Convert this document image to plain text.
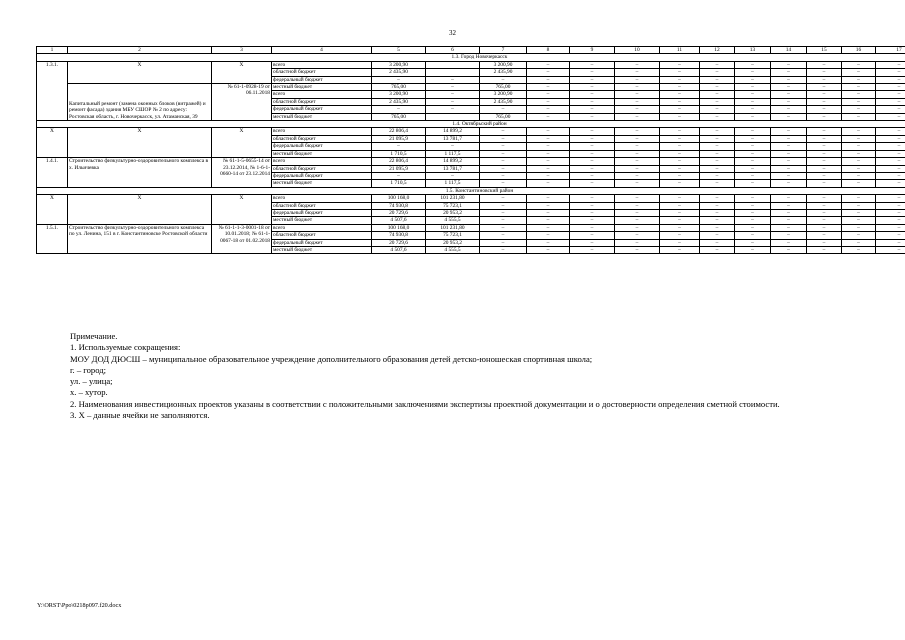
32
1	2	3	4	5	6	7	8	9	10	11	12	13	14	15	16	17
1.3. Город Новочеркасск																
1.3.1.	Х	Х	всего	3 200,90		3 200,90	–	–	–	–	–	–	–	–	–	–
			областной бюджет	2 435,90		2 435,90	–	–	–	–	–	–	–	–	–	–
			федеральный бюджет	–	–	–	–	–	–	–	–	–	–	–	–	–
	Капитальный ремонт (замена оконных блоков (витражей) и ремонт фасада) здания МБУ СШОР № 2 по адресу: Ростовская область, г. Новочеркасск, ул. Атаманская, 39	№ 61-1-0928-19 от 06.11.2018	местный бюджет	765,00	–	765,00	–	–	–	–	–	–	–	–	–	–
			всего	3 200,90	–	3 200,90	–	–	–	–	–	–	–	–	–	–
			областной бюджет	2 435,90	–	2 435,90	–	–	–	–	–	–	–	–	–	–
			федеральный бюджет	–	–	–	–	–	–	–	–	–	–	–	–	–
			местный бюджет	765,00		765,00	–	–	–	–	–	–	–	–	–	–
1.4. Октябрьский район																
Х	Х	Х	всего	22 806,4	14 899,2	–	–	–	–	–	–	–	–	–	–	–
			областной бюджет	21 095,9	13 781,7	–	–	–	–	–	–	–	–	–	–	–
			федеральный бюджет	–	–	–	–	–	–	–	–	–	–	–	–	–
			местный бюджет	1 710,5	1 117,5	–	–	–	–	–	–	–	–	–	–	–
1.4.1.	Строительство физкультурно-оздоровительного комплекса в х. Ильичевка	№ 61-1-5-0655-14 от 23.12.2014, № 1-6-1-0660-14 от 23.12.2014	всего	22 806,4	14 899,2	–	–	–	–	–	–	–	–	–	–	–
			областной бюджет	21 095,9	13 781,7	–	–	–	–	–	–	–	–	–	–	–
			федеральный бюджет	–	–	–	–	–	–	–	–	–	–	–	–	–
			местный бюджет	1 710,5	1 117,5	–	–	–	–	–	–	–	–	–	–	–
1.5. Константиновский район																
Х	Х	Х	всего	100 168,0	101 231,80	–	–	–	–	–	–	–	–	–	–	–
			областной бюджет	74 930,8	75 723,1	–	–	–	–	–	–	–	–	–	–	–
			федеральный бюджет	20 729,6	20 953,2	–	–	–	–	–	–	–	–	–	–	–
			местный бюджет	4 507,6	4 555,5	–	–	–	–	–	–	–	–	–	–	–
1.5.1.	Строительство физкультурно-оздоровительного комплекса по ул. Ленина, 151 в г. Константиновске Ростовской области	№ 61-1-1-3-0001-18 от 10.01.2018; № 61-1-0067-18 от 01.02.2018	всего	100 168,0	101 231,80	–	–	–	–	–	–	–	–	–	–	–
			областной бюджет	74 930,8	75 723,1	–	–	–	–	–	–	–	–	–	–	–
			федеральный бюджет	20 729,6	20 953,2	–	–	–	–	–	–	–	–	–	–	–
			местный бюджет	4 507,6	4 555,5	–	–	–	–	–	–	–	–	–	–	–
Примечание.
1. Используемые сокращения:
МОУ ДОД ДЮСШ – муниципальное образовательное учреждение дополнительного образования детей детско-юношеская спортивная школа;
г. – город;
ул. – улица;
х. – хутор.
2. Наименования инвестиционных проектов указаны в соответствии с положительными заключениями экспертизы проектной документации и о достоверности определения сметной стоимости.
3. Х – данные ячейки не заполняются.
Y:\ORST\Ppo\0218p097.f20.docx
